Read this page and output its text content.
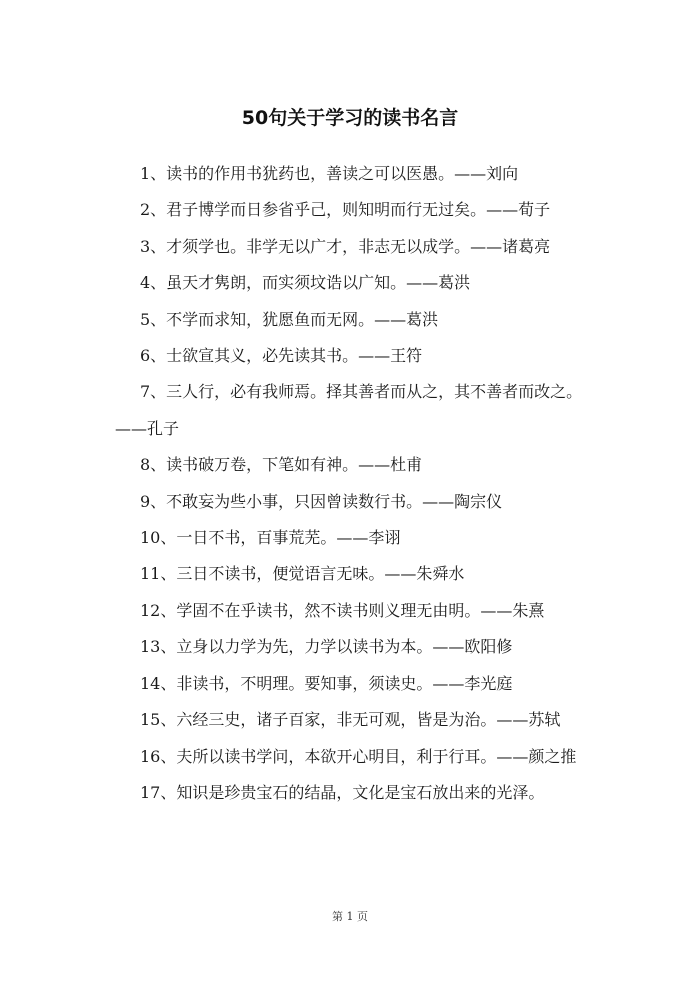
50句关于学习的读书名言
1、读书的作用书犹药也，善读之可以医愚。——刘向
2、君子博学而日参省乎己，则知明而行无过矣。——荀子
3、才须学也。非学无以广才，非志无以成学。——诸葛亮
4、虽天才隽朗，而实须坟诰以广知。——葛洪
5、不学而求知，犹愿鱼而无网。——葛洪
6、士欲宣其义，必先读其书。——王符
7、三人行，必有我师焉。择其善者而从之，其不善者而改之。——孔子
8、读书破万卷，下笔如有神。——杜甫
9、不敢妄为些小事，只因曾读数行书。——陶宗仪
10、一日不书，百事荒芜。——李诩
11、三日不读书，便觉语言无味。——朱舜水
12、学固不在乎读书，然不读书则义理无由明。——朱熹
13、立身以力学为先，力学以读书为本。——欧阳修
14、非读书，不明理。要知事，须读史。——李光庭
15、六经三史，诸子百家，非无可观，皆是为治。——苏轼
16、夫所以读书学问，本欲开心明目，利于行耳。——颜之推
17、知识是珍贵宝石的结晶，文化是宝石放出来的光泽。
第 1 页
